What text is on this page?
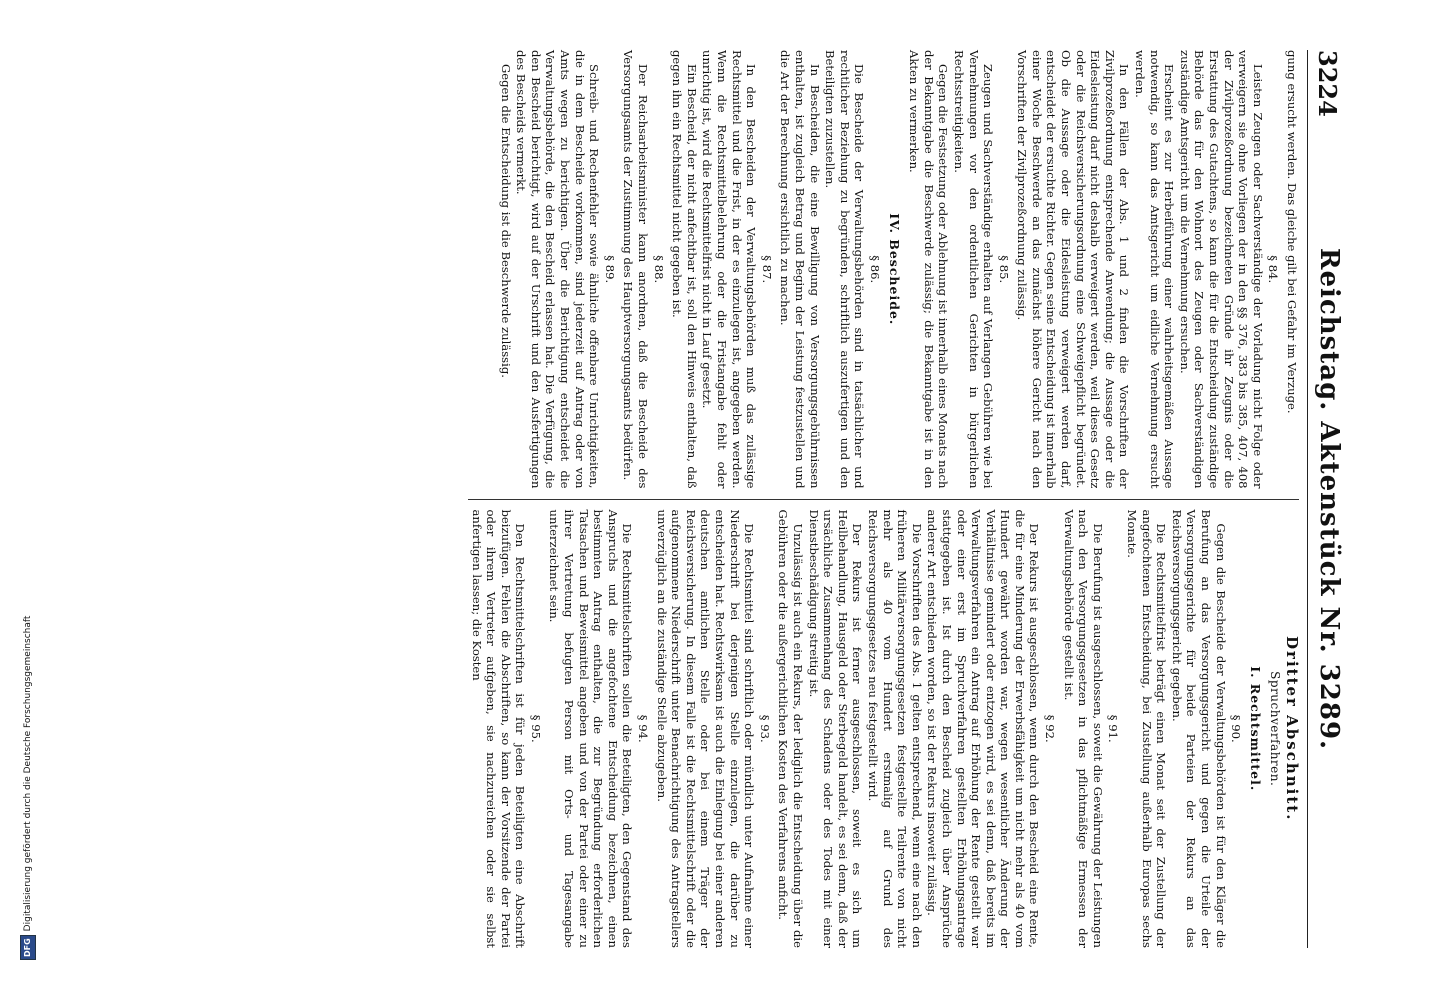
3224
Reichstag. Aktenstück Nr. 3289.

gung ersucht werden. Das gleiche gilt bei Gefahr im Verzuge.

§ 84.

Leisten Zeugen oder Sachverständige der Vorladung nicht Folge oder verweigern sie ohne Vorliegen der in den §§ 376, 383 bis 385, 407, 408 der Zivilprozeßordnung bezeichneten Gründe ihr Zeugnis oder die Erstattung des Gutachtens, so kann die für die Entscheidung zuständige Behörde das für den Wohnort des Zeugen oder Sachverständigen zuständige Amtsgericht um die Vernehmung ersuchen.

Erscheint es zur Herbeiführung einer wahrheitsgemäßen Aussage notwendig, so kann das Amtsgericht um eidliche Vernehmung ersucht werden.

In den Fällen der Abs. 1 und 2 finden die Vorschriften der Zivilprozeßordnung entsprechende Anwendung; die Aussage oder die Eidesleistung darf nicht deshalb verweigert werden, weil dieses Gesetz oder die Reichsversicherungsordnung eine Schweigepflicht begründet. Ob die Aussage oder die Eidesleistung verweigert werden darf, entscheidet der ersuchte Richter. Gegen seine Entscheidung ist innerhalb einer Woche Beschwerde an das zunächst höhere Gericht nach den Vorschriften der Zivilprozeßordnung zulässig.

§ 85.

Zeugen und Sachverständige erhalten auf Verlangen Gebühren wie bei Vernehmungen vor den ordentlichen Gerichten in bürgerlichen Rechtsstreitigkeiten.

Gegen die Festsetzung oder Ablehnung ist innerhalb eines Monats nach der Bekanntgabe die Beschwerde zulässig; die Bekanntgabe ist in den Akten zu vermerken.

IV. Bescheide.
§ 86.

Die Bescheide der Verwaltungsbehörden sind in tatsächlicher und rechtlicher Beziehung zu begründen, schriftlich auszufertigen und den Beteiligten zuzustellen.

In Bescheiden, die eine Bewilligung von Versorgungsgebührnissen enthalten, ist zugleich Betrag und Beginn der Leistung festzustellen und die Art der Berechnung ersichtlich zu machen.

§ 87.

In den Bescheiden der Verwaltungsbehörden muß das zulässige Rechtsmittel und die Frist, in der es einzulegen ist, angegeben werden. Wenn die Rechtsmittelbelehrung oder die Fristangabe fehlt oder unrichtig ist, wird die Rechtsmittelfrist nicht in Lauf gesetzt.

Ein Bescheid, der nicht anfechtbar ist, soll den Hinweis enthalten, daß gegen ihn ein Rechtsmittel nicht gegeben ist.

§ 88.

Der Reichsarbeitsminister kann anordnen, daß die Bescheide des Versorgungsamts der Zustimmung des Hauptversorgungsamts bedürfen.

§ 89.

Schreib- und Rechenfehler sowie ähnliche offenbare Unrichtigkeiten, die in dem Bescheide vorkommen, sind jederzeit auf Antrag oder von Amts wegen zu berichtigen. Über die Berichtigung entscheidet die Verwaltungsbehörde, die den Bescheid erlassen hat. Die Verfügung, die den Bescheid berichtigt, wird auf der Urschrift und den Ausfertigungen des Bescheids vermerkt.

Gegen die Entscheidung ist die Beschwerde zulässig.

Dritter Abschnitt.
Spruchverfahren.
I. Rechtsmittel.
§ 90.

Gegen die Bescheide der Verwaltungsbehörden ist für den Kläger die Berufung an das Versorgungsgericht und gegen die Urteile der Versorgungsgerichte für beide Parteien der Rekurs an das Reichsversorgungsgericht gegeben.

Die Rechtsmittelfrist beträgt einen Monat seit der Zustellung der angefochtenen Entscheidung, bei Zustellung außerhalb Europas sechs Monate.

§ 91.

Die Berufung ist ausgeschlossen, soweit die Gewährung der Leistungen nach den Versorgungsgesetzen in das pflichtmäßige Ermessen der Verwaltungsbehörde gestellt ist.

§ 92.

Der Rekurs ist ausgeschlossen, wenn durch den Bescheid eine Rente, die für eine Minderung der Erwerbsfähigkeit um nicht mehr als 40 vom Hundert gewährt worden war, wegen wesentlicher Änderung der Verhältnisse gemindert oder entzogen wird, es sei denn, daß bereits im Verwaltungsverfahren ein Antrag auf Erhöhung der Rente gestellt war oder einer erst im Spruchverfahren gestellten Erhöhungsantrage stattgegeben ist. Ist durch den Bescheid zugleich über Ansprüche anderer Art entschieden worden, so ist der Rekurs insoweit zulässig.

Die Vorschriften des Abs. 1 gelten entsprechend, wenn eine nach den früheren Militärversorgungsgesetzen festgestellte Teilrente von nicht mehr als 40 vom Hundert erstmalig auf Grund des Reichsversorgungsgesetzes neu festgestellt wird.

Der Rekurs ist ferner ausgeschlossen, soweit es sich um Heilbehandlung, Hausgeld oder Sterbegeld handelt, es sei denn, daß der ursächliche Zusammenhang des Schadens oder des Todes mit einer Dienstbeschädigung streitig ist.

Unzulässig ist auch ein Rekurs, der lediglich die Entscheidung über die Gebühren oder die außergerichtlichen Kosten des Verfahrens anficht.

§ 93.

Die Rechtsmittel sind schriftlich oder mündlich unter Aufnahme einer Niederschrift bei derjenigen Stelle einzulegen, die darüber zu entscheiden hat. Rechtswirksam ist auch die Einlegung bei einer anderen deutschen amtlichen Stelle oder bei einem Träger der Reichsversicherung. In diesem Falle ist die Rechtsmittelschrift oder die aufgenommene Niederschrift unter Benachrichtigung des Antragstellers unverzüglich an die zuständige Stelle abzugeben.

§ 94.

Die Rechtsmittelschriften sollen die Beteiligten, den Gegenstand des Anspruchs und die angefochtene Entscheidung bezeichnen, einen bestimmten Antrag enthalten, die zur Begründung erforderlichen Tatsachen und Beweismittel angeben und von der Partei oder einer zu ihrer Vertretung befugten Person mit Orts- und Tagesangabe unterzeichnet sein.

§ 95.

Den Rechtsmittelschriften ist für jeden Beteiligten eine Abschrift beizufügen. Fehlen die Abschriften, so kann der Vorsitzende der Partei oder ihrem Vertreter aufgeben, sie nachzureichen oder sie selbst anfertigen lassen; die Kosten

DFGDigitalisierung gefördert durch die Deutsche Forschungsgemeinschaft
